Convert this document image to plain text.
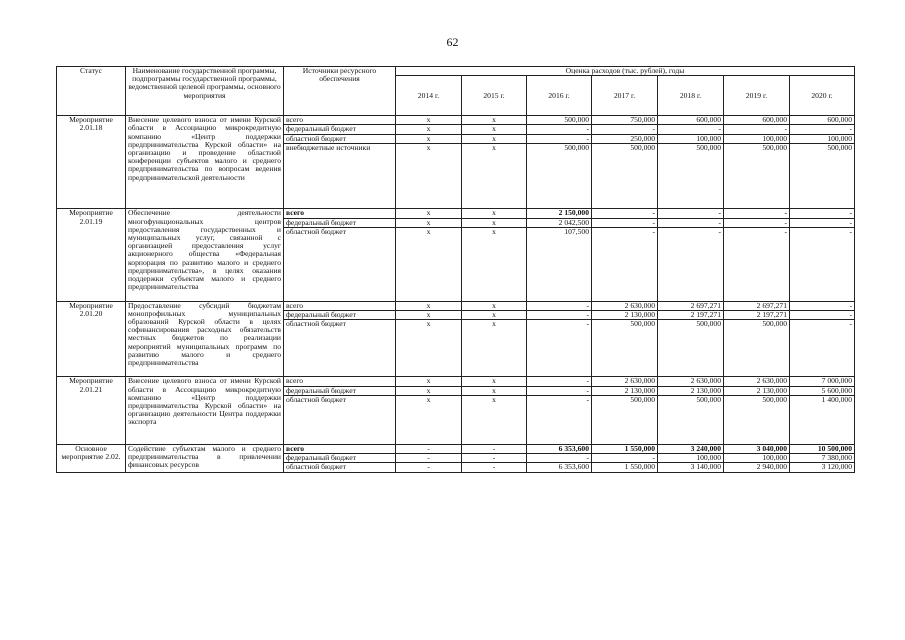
62
Статус	Наименование государственной программы, подпрограммы государственной программы, ведомственной целевой программы, основного мероприятия	Источники ресурсного обеспечения	Оценка расходов (тыс. рублей), годы						
			2014 г.	2015 г.	2016 г.	2017 г.	2018 г.	2019 г.	2020 г.
Мероприятие 2.01.18	Внесение целевого взноса от имени Курской области в Ассоциацию микрокредитную компанию «Центр поддержки предпринимательства Курской области» на организацию и проведение областной конференции субъектов малого и среднего предпринимательства по вопросам ведения предпринимательской деятельности	всего	х	х	500,000	750,000	600,000	600,000	600,000
		федеральный бюджет	х	х	-	-	-	-	-
		областной бюджет	х	х	-	250,000	100,000	100,000	100,000
		внебюджетные источники	х	х	500,000	500,000	500,000	500,000	500,000
Мероприятие 2.01.19	Обеспечение деятельности многофункциональных центров предоставления государственных и муниципальных услуг, связанной с организацией предоставления услуг акционерного общества «Федеральная корпорация по развитию малого и среднего предпринимательства», в целях оказания поддержки субъектам малого и среднего предпринимательства	всего	х	х	2 150,000	-	-	-	-
		федеральный бюджет	х	х	2 042,500	-	-	-	-
		областной бюджет	х	х	107,500	-	-	-	-
Мероприятие 2.01.20	Предоставление субсидий бюджетам монопрофильных муниципальных образований Курской области в целях софинансирования расходных обязательств местных бюджетов по реализации мероприятий муниципальных программ по развитию малого и среднего предпринимательства	всего	х	х	-	2 630,000	2 697,271	2 697,271	-
		федеральный бюджет	х	х	-	2 130,000	2 197,271	2 197,271	-
		областной бюджет	х	х	-	500,000	500,000	500,000	-
Мероприятие 2.01.21	Внесение целевого взноса от имени Курской области в Ассоциацию микрокредитную компанию «Центр поддержки предпринимательства Курской области» на организацию деятельности Центра поддержки экспорта	всего	х	х	-	2 630,000	2 630,000	2 630,000	7 000,000
		федеральный бюджет	х	х	-	2 130,000	2 130,000	2 130,000	5 600,000
		областной бюджет	х	х	-	500,000	500,000	500,000	1 400,000
Основное мероприятие 2.02.	Содействие субъектам малого и среднего предпринимательства в привлечении финансовых ресурсов	всего	-	-	6 353,600	1 550,000	3 240,000	3 040,000	10 500,000
		федеральный бюджет	-	-	-	-	100,000	100,000	7 380,000
		областной бюджет	-	-	6 353,600	1 550,000	3 140,000	2 940,000	3 120,000
